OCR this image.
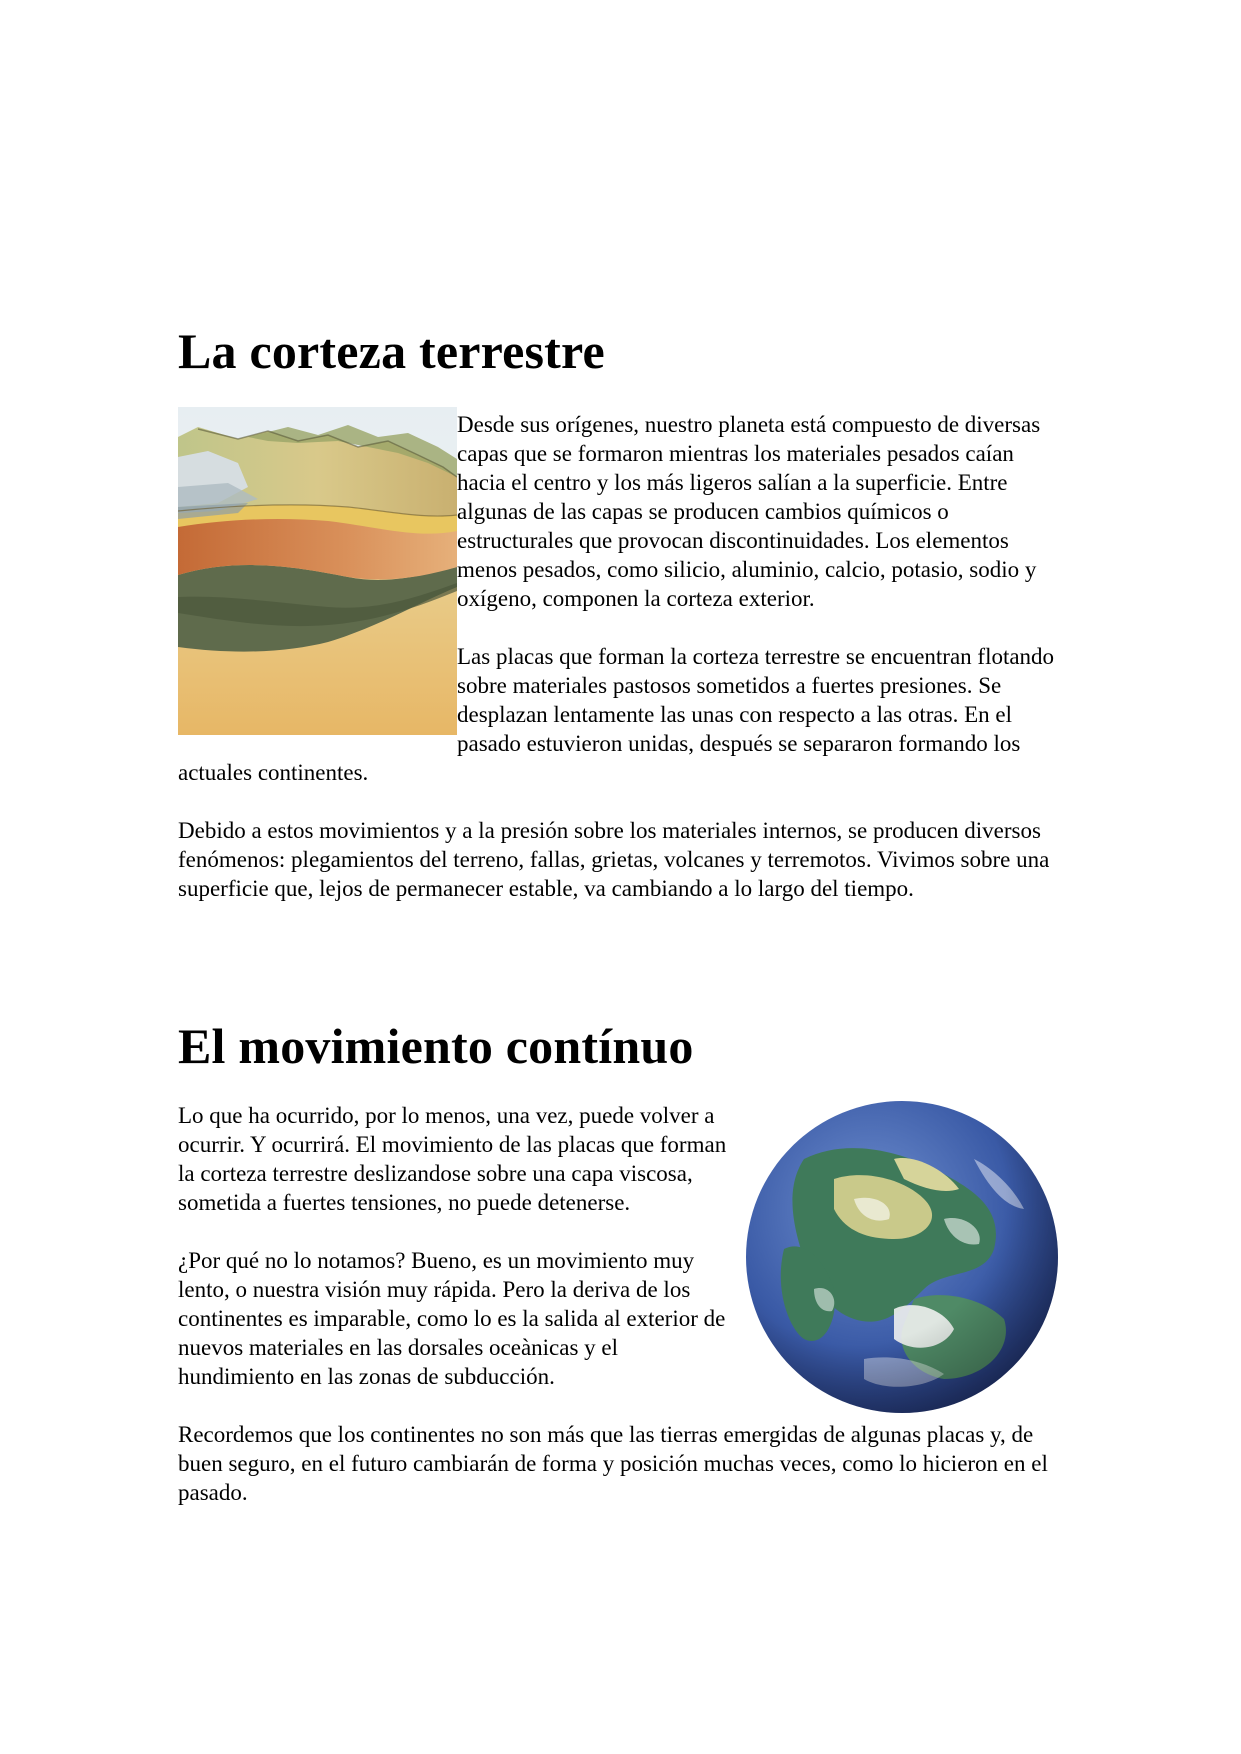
La corteza terrestre

Desde sus orígenes, nuestro planeta está compuesto de diversas capas que se formaron mientras los materiales pesados caían hacia el centro y los más ligeros salían a la superficie. Entre algunas de las capas se producen cambios químicos o estructurales que provocan discontinuidades. Los elementos menos pesados, como silicio, aluminio, calcio, potasio, sodio y oxígeno, componen la corteza exterior.

Las placas que forman la corteza terrestre se encuentran flotando sobre materiales pastosos sometidos a fuertes presiones. Se desplazan lentamente las unas con respecto a las otras. En el pasado estuvieron unidas, después se separaron formando los actuales continentes.

Debido a estos movimientos y a la presión sobre los materiales internos, se producen diversos fenómenos: plegamientos del terreno, fallas, grietas, volcanes y terremotos. Vivimos sobre una superficie que, lejos de permanecer estable, va cambiando a lo largo del tiempo.

El movimiento contínuo

Lo que ha ocurrido, por lo menos, una vez, puede volver a ocurrir. Y ocurrirá. El movimiento de las placas que forman la corteza terrestre deslizandose sobre una capa viscosa, sometida a fuertes tensiones, no puede detenerse.

¿Por qué no lo notamos? Bueno, es un movimiento muy lento, o nuestra visión muy rápida. Pero la deriva de los continentes es imparable, como lo es la salida al exterior de nuevos materiales en las dorsales oceànicas y el hundimiento en las zonas de subducción.

Recordemos que los continentes no son más que las tierras emergidas de algunas placas y, de buen seguro, en el futuro cambiarán de forma y posición muchas veces, como lo hicieron en el pasado.
